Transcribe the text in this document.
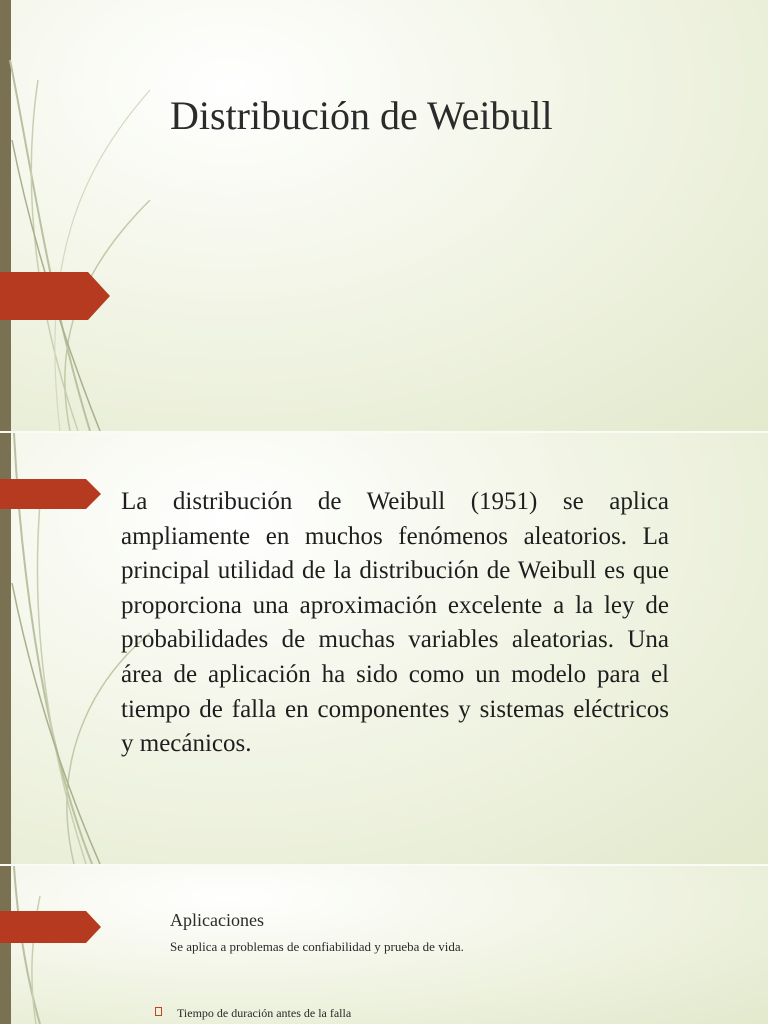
Distribución de Weibull

La distribución de Weibull (1951) se aplica ampliamente en muchos fenómenos aleatorios. La principal utilidad de la distribución de Weibull es que proporciona una aproximación excelente a la ley de probabilidades de muchas variables aleatorias. Una área de aplicación ha sido como un modelo para el tiempo de falla en componentes y sistemas eléctricos y mecánicos.

Aplicaciones

Se aplica a problemas de confiabilidad y prueba de vida.

Tiempo de duración antes de la falla
